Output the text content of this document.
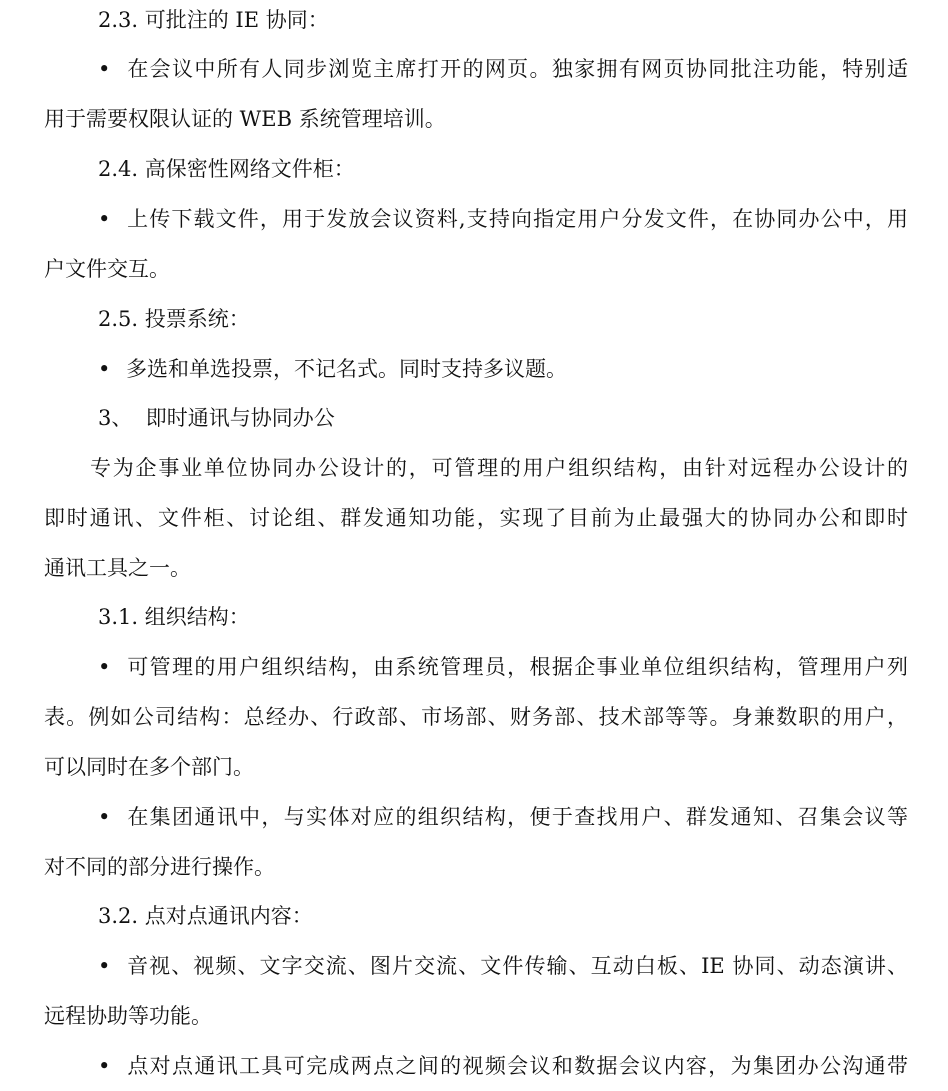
2.3. 可批注的 IE 协同：
• 在会议中所有人同步浏览主席打开的网页。独家拥有网页协同批注功能，特别适
用于需要权限认证的 WEB 系统管理培训。
2.4. 高保密性网络文件柜：
• 上传下载文件，用于发放会议资料,支持向指定用户分发文件，在协同办公中，用
户文件交互。
2.5. 投票系统：
• 多选和单选投票，不记名式。同时支持多议题。
3、  即时通讯与协同办公
专为企事业单位协同办公设计的，可管理的用户组织结构，由针对远程办公设计的
即时通讯、文件柜、讨论组、群发通知功能，实现了目前为止最强大的协同办公和即时
通讯工具之一。
3.1. 组织结构：
• 可管理的用户组织结构，由系统管理员，根据企事业单位组织结构，管理用户列
表。例如公司结构：总经办、行政部、市场部、财务部、技术部等等。身兼数职的用户，
可以同时在多个部门。
• 在集团通讯中，与实体对应的组织结构，便于查找用户、群发通知、召集会议等
对不同的部分进行操作。
3.2. 点对点通讯内容：
• 音视、视频、文字交流、图片交流、文件传输、互动白板、IE 协同、动态演讲、
远程协助等功能。
• 点对点通讯工具可完成两点之间的视频会议和数据会议内容，为集团办公沟通带
